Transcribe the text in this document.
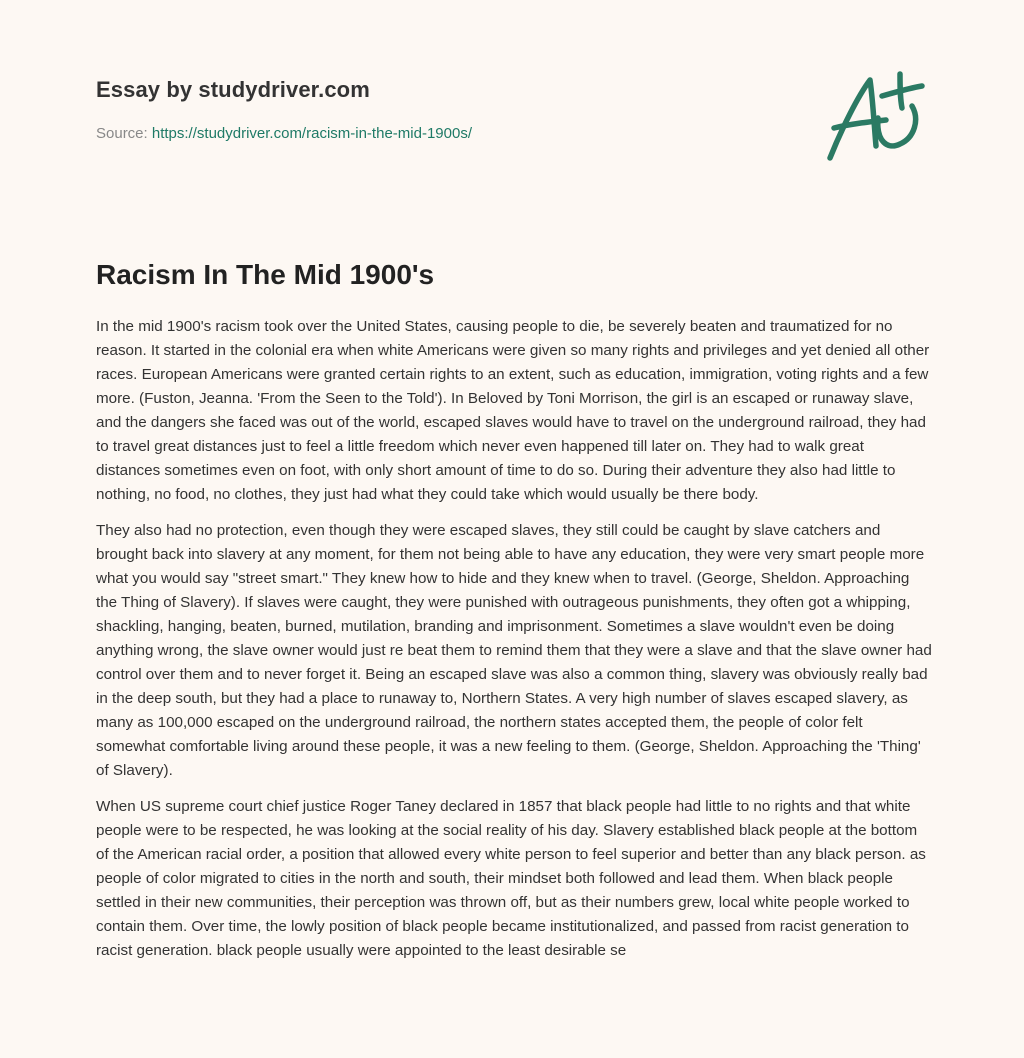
Essay by studydriver.com
Source: https://studydriver.com/racism-in-the-mid-1900s/
Racism In The Mid 1900's

In the mid 1900's racism took over the United States, causing people to die, be severely beaten and traumatized for no reason. It started in the colonial era when white Americans were given so many rights and privileges and yet denied all other races. European Americans were granted certain rights to an extent, such as education, immigration, voting rights and a few more. (Fuston, Jeanna. 'From the Seen to the Told'). In Beloved by Toni Morrison, the girl is an escaped or runaway slave, and the dangers she faced was out of the world, escaped slaves would have to travel on the underground railroad, they had to travel great distances just to feel a little freedom which never even happened till later on. They had to walk great distances sometimes even on foot, with only short amount of time to do so. During their adventure they also had little to nothing, no food, no clothes, they just had what they could take which would usually be there body.

They also had no protection, even though they were escaped slaves, they still could be caught by slave catchers and brought back into slavery at any moment, for them not being able to have any education, they were very smart people more what you would say "street smart." They knew how to hide and they knew when to travel. (George, Sheldon. Approaching the Thing of Slavery). If slaves were caught, they were punished with outrageous punishments, they often got a whipping, shackling, hanging, beaten, burned, mutilation, branding and imprisonment. Sometimes a slave wouldn't even be doing anything wrong, the slave owner would just re beat them to remind them that they were a slave and that the slave owner had control over them and to never forget it. Being an escaped slave was also a common thing, slavery was obviously really bad in the deep south, but they had a place to runaway to, Northern States. A very high number of slaves escaped slavery, as many as 100,000 escaped on the underground railroad, the northern states accepted them, the people of color felt somewhat comfortable living around these people, it was a new feeling to them. (George, Sheldon. Approaching the 'Thing' of Slavery).

When US supreme court chief justice Roger Taney declared in 1857 that black people had little to no rights and that white people were to be respected, he was looking at the social reality of his day. Slavery established black people at the bottom of the American racial order, a position that allowed every white person to feel superior and better than any black person. as people of color migrated to cities in the north and south, their mindset both followed and lead them. When black people settled in their new communities, their perception was thrown off, but as their numbers grew, local white people worked to contain them. Over time, the lowly position of black people became institutionalized, and passed from racist generation to racist generation. black people usually were appointed to the least desirable se
